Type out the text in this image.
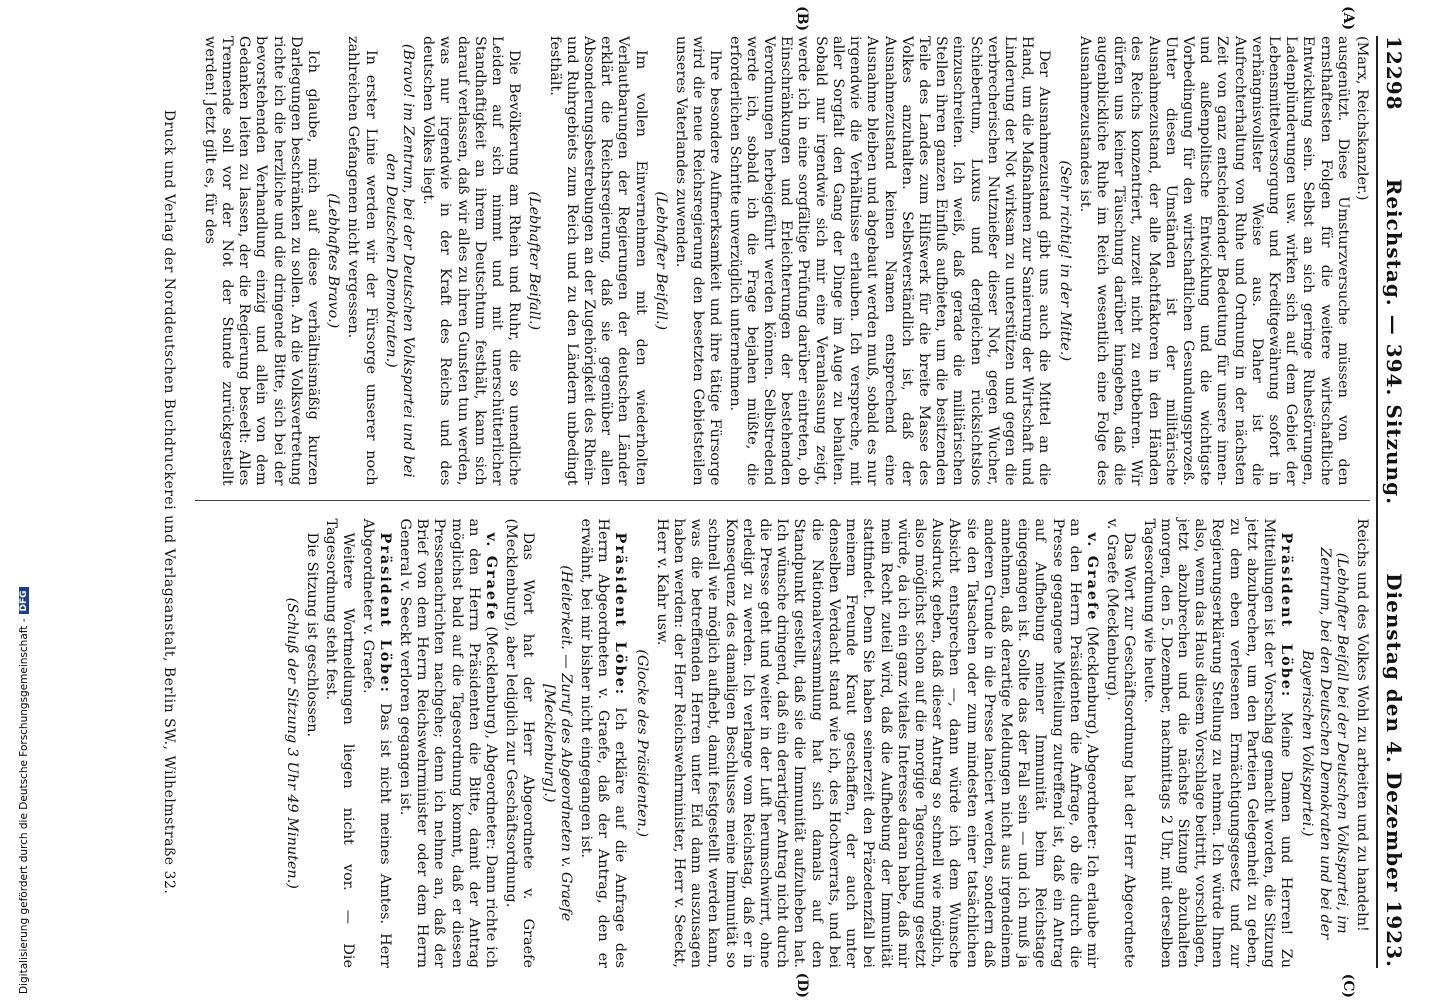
12298
Reichstag. — 394. Sitzung.
Dienstag den 4. Dezember 1923.
(A)
(B)

(Marx, Reichskanzler.)

ausgenützt. Diese Umsturzversuche müssen von den ernsthaftesten Folgen für die weitere wirtschaftliche Entwicklung sein. Selbst an sich geringe Ruhestörungen, Ladenplünderungen usw. wirken sich auf dem Gebiet der Lebensmittelversorgung und Kreditgewährung sofort in verhängnisvollster Weise aus. Daher ist die Aufrechterhaltung von Ruhe und Ordnung in der nächsten Zeit von ganz entscheidender Bedeutung für unsere innen- und außenpolitische Entwicklung und die wichtigste Vorbedingung für den wirtschaftlichen Gesundungsprozeß. Unter diesen Umständen ist der militärische Ausnahmezustand, der alle Machtfaktoren in den Händen des Reichs konzentriert, zurzeit nicht zu entbehren. Wir dürfen uns keiner Täuschung darüber hingeben, daß die augenblickliche Ruhe im Reich wesentlich eine Folge des Ausnahmezustandes ist.

(Sehr richtig! in der Mitte.)

Der Ausnahmezustand gibt uns auch die Mittel an die Hand, um die Maßnahmen zur Sanierung der Wirtschaft und Linderung der Not wirksam zu unterstützen und gegen die verbrecherischen Nutznießer dieser Not, gegen Wucher, Schiebertum, Luxus und dergleichen rücksichtslos einzuschreiten. Ich weiß, daß gerade die militärischen Stellen ihren ganzen Einfluß aufbieten, um die besitzenden Teile des Landes zum Hilfswerk für die breite Masse des Volkes anzuhalten. Selbstverständlich ist, daß der Ausnahmezustand keinen Namen entsprechend eine Ausnahme bleiben und abgebaut werden muß, sobald es nur irgendwie die Verhältnisse erlauben. Ich verspreche, mit aller Sorgfalt den Gang der Dinge im Auge zu behalten. Sobald nur irgendwie sich mir eine Veranlassung zeigt, werde ich in eine sorgfältige Prüfung darüber eintreten, ob Einschränkungen und Erleichterungen der bestehenden Verordnungen herbeigeführt werden können. Selbstredend werde ich, sobald ich die Frage bejahen müßte, die erforderlichen Schritte unverzüglich unternehmen.

Ihre besondere Aufmerksamkeit und ihre tätige Fürsorge wird die neue Reichsregierung den besetzten Gebietsteilen unseres Vaterlandes zuwenden.

(Lebhafter Beifall.)

Im vollen Einvernehmen mit den wiederholten Verlautbarungen der Regierungen der deutschen Länder erklärt die Reichsregierung, daß sie gegenüber allen Absonderungsbestrebungen an der Zugehörigkeit des Rhein- und Ruhrgebiets zum Reich und zu den Ländern unbedingt festhält.

(Lebhafter Beifall.)

Die Bevölkerung am Rhein und Ruhr, die so unendliche Leiden auf sich nimmt und mit unerschütterlicher Standhaftigkeit an ihrem Deutschtum festhält, kann sich darauf verlassen, daß wir alles zu ihren Gunsten tun werden, was nur irgendwie in der Kraft des Reichs und des deutschen Volkes liegt.

(Bravo! im Zentrum, bei der Deutschen Volkspartei und bei den Deutschen Demokraten.)

In erster Linie werden wir der Fürsorge unserer noch zahlreichen Gefangenen nicht vergessen.

(Lebhaftes Bravo.)

Ich glaube, mich auf diese verhältnismäßig kurzen Darlegungen beschränken zu sollen. An die Volksvertretung richte ich die herzliche und die dringende Bitte, sich bei der bevorstehenden Verhandlung einzig und allein von dem Gedanken leiten zu lassen, der die Regierung beseelt: Alles Trennende soll vor der Not der Stunde zurückgestellt werden! Jetzt gilt es, für des

(C)
(D)

Reichs und des Volkes Wohl zu arbeiten und zu handeln!

(Lebhafter Beifall bei der Deutschen Volkspartei, im Zentrum, bei den Deutschen Demokraten und bei der Bayerischen Volkspartei.)

Präsident Löbe: Meine Damen und Herren! Zu Mitteilungen ist der Vorschlag gemacht worden, die Sitzung jetzt abzubrechen, um den Parteien Gelegenheit zu geben, zu dem eben verlesenen Ermächtigungsgesetz und zur Regierungserklärung Stellung zu nehmen. Ich würde Ihnen also, wenn das Haus diesem Vorschlage beitritt, vorschlagen, jetzt abzubrechen und die nächste Sitzung abzuhalten morgen, den 5. Dezember, nachmittags 2 Uhr, mit derselben Tagesordnung wie heute.

Das Wort zur Geschäftsordnung hat der Herr Abgeordnete v. Graefe (Mecklenburg).

v. Graefe (Mecklenburg), Abgeordneter: Ich erlaube mir an den Herrn Präsidenten die Anfrage, ob die durch die Presse gegangene Mitteilung zutreffend ist, daß ein Antrag auf Aufhebung meiner Immunität beim Reichstage eingegangen ist. Sollte das der Fall sein — und ich muß ja annehmen, daß derartige Meldungen nicht aus irgendeinem anderen Grunde in die Presse lanciert werden, sondern daß sie den Tatsachen oder zum mindesten einer tatsächlichen Absicht entsprechen —, dann würde ich dem Wunsche Ausdruck geben, daß dieser Antrag so schnell wie möglich, also möglichst schon auf die morgige Tagesordnung gesetzt würde, da ich ein ganz vitales Interesse daran habe, daß mir mein Recht zuteil wird, daß die Aufhebung der Immunität stattfindet. Denn Sie haben seinerzeit den Präzedenzfall bei meinem Freunde Kraut geschaffen, der auch unter denselben Verdacht stand wie ich, des Hochverrats, und bei die Nationalversammlung hat sich damals auf den Standpunkt gestellt, daß sie die Immunität aufzuheben hat. Ich wünsche dringend, daß ein derartiger Antrag nicht durch die Presse geht und weiter in der Luft herumschwirrt, ohne erledigt zu werden. Ich verlange vom Reichstag, daß er in Konsequenz des damaligen Beschlusses meine Immunität so schnell wie möglich aufhebt, damit festgestellt werden kann, was die betreffenden Herren unter Eid dann auszusagen haben werden: der Herr Reichswehrminister, Herr v. Seeckt, Herr v. Kahr usw.

(Glocke des Präsidenten.)

Präsident Löbe: Ich erkläre auf die Anfrage des Herrn Abgeordneten v. Graefe, daß der Antrag, den er erwähnt, bei mir bisher nicht eingegangen ist.

(Heiterkeit. — Zuruf des Abgeordneten v. Graefe [Mecklenburg].)

Das Wort hat der Herr Abgeordnete v. Graefe (Mecklenburg), aber lediglich zur Geschäftsordnung.

v. Graefe (Mecklenburg), Abgeordneter: Dann richte ich an den Herrn Präsidenten die Bitte, damit der Antrag möglichst bald auf die Tagesordnung kommt, daß er diesen Pressenachrichten nachgehe; denn ich nehme an, daß der Brief von dem Herrn Reichswehrminister oder dem Herrn General v. Seeckt verloren gegangen ist.

Präsident Löbe: Das ist nicht meines Amtes. Herr Abgeordneter v. Graefe.

Weitere Wortmeldungen liegen nicht vor. — Die Tagesordnung steht fest.

Die Sitzung ist geschlossen.

(Schluß der Sitzung 3 Uhr 49 Minuten.)

Druck und Verlag der Norddeutschen Buchdruckerei und Verlagsanstalt, Berlin SW., Wilhelmstraße 32.
Digitalisierung gefördert durch die Deutsche Forschungsgemeinschaft -
DFG
